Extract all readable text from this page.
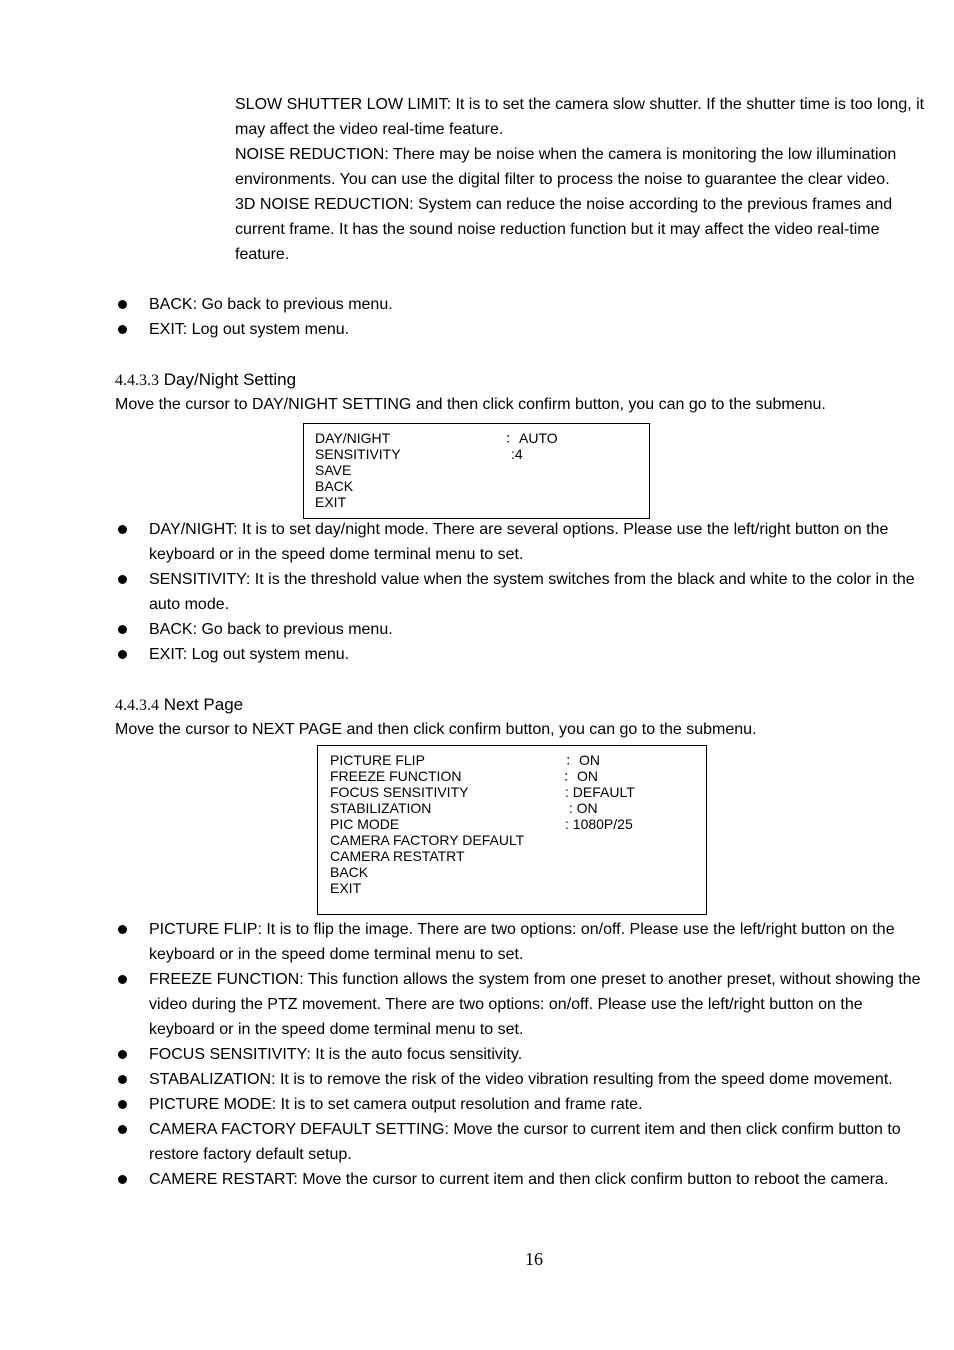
SLOW SHUTTER LOW LIMIT: It is to set the camera slow shutter. If the shutter time is too long, it may affect the video real-time feature.

NOISE REDUCTION: There may be noise when the camera is monitoring the low illumination environments. You can use the digital filter to process the noise to guarantee the clear video.

3D NOISE REDUCTION: System can reduce the noise according to the previous frames and current frame. It has the sound noise reduction function but it may affect the video real-time feature.

BACK: Go back to previous menu.
EXIT: Log out system menu.
4.4.3.3 Day/Night Setting
Move the cursor to DAY/NIGHT SETTING and then click confirm button, you can go to the submenu.
DAY/NIGHT	：AUTO
SENSITIVITY	:4
SAVE
BACK
EXIT
DAY/NIGHT: It is to set day/night mode. There are several options. Please use the left/right button on the keyboard or in the speed dome terminal menu to set.
SENSITIVITY: It is the threshold value when the system switches from the black and white to the color in the auto mode.
BACK: Go back to previous menu.
EXIT: Log out system menu.
4.4.3.4 Next Page
Move the cursor to NEXT PAGE and then click confirm button, you can go to the submenu.
PICTURE FLIP	：ON
FREEZE FUNCTION	：ON
FOCUS SENSITIVITY	: DEFAULT
STABILIZATION	: ON
PIC MODE	: 1080P/25
CAMERA FACTORY DEFAULT
CAMERA RESTATRT
BACK
EXIT
PICTURE FLIP: It is to flip the image. There are two options: on/off. Please use the left/right button on the keyboard or in the speed dome terminal menu to set.
FREEZE FUNCTION: This function allows the system from one preset to another preset, without showing the video during the PTZ movement. There are two options: on/off. Please use the left/right button on the keyboard or in the speed dome terminal menu to set.
FOCUS SENSITIVITY: It is the auto focus sensitivity.
STABALIZATION: It is to remove the risk of the video vibration resulting from the speed dome movement.
PICTURE MODE: It is to set camera output resolution and frame rate.
CAMERA FACTORY DEFAULT SETTING: Move the cursor to current item and then click confirm button to restore factory default setup.
CAMERE RESTART: Move the cursor to current item and then click confirm button to reboot the camera.
16
